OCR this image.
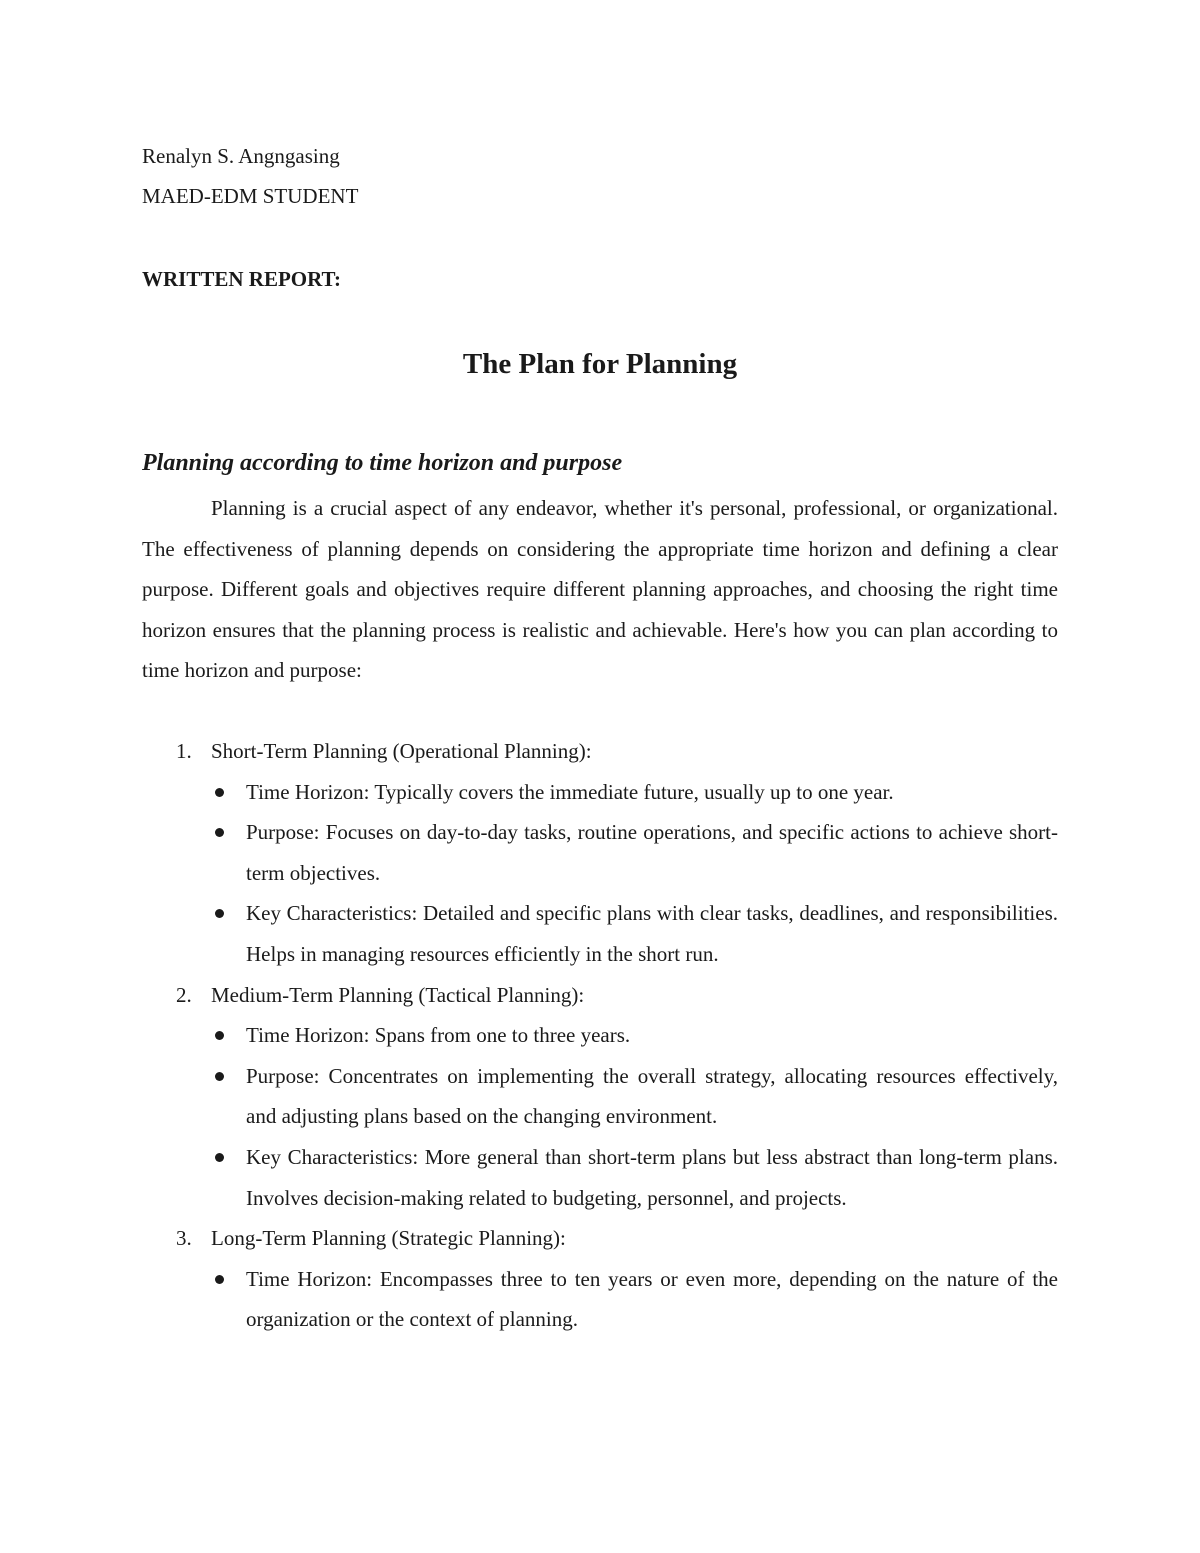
Renalyn S. Angngasing
MAED-EDM STUDENT
WRITTEN REPORT:
The Plan for Planning
Planning according to time horizon and purpose

Planning is a crucial aspect of any endeavor, whether it's personal, professional, or organizational. The effectiveness of planning depends on considering the appropriate time horizon and defining a clear purpose. Different goals and objectives require different planning approaches, and choosing the right time horizon ensures that the planning process is realistic and achievable. Here's how you can plan according to time horizon and purpose:

1. Short-Term Planning (Operational Planning):
Time Horizon: Typically covers the immediate future, usually up to one year.
Purpose: Focuses on day-to-day tasks, routine operations, and specific actions to achieve short-term objectives.
Key Characteristics: Detailed and specific plans with clear tasks, deadlines, and responsibilities. Helps in managing resources efficiently in the short run.
2. Medium-Term Planning (Tactical Planning):
Time Horizon: Spans from one to three years.
Purpose: Concentrates on implementing the overall strategy, allocating resources effectively, and adjusting plans based on the changing environment.
Key Characteristics: More general than short-term plans but less abstract than long-term plans. Involves decision-making related to budgeting, personnel, and projects.
3. Long-Term Planning (Strategic Planning):
Time Horizon: Encompasses three to ten years or even more, depending on the nature of the organization or the context of planning.
